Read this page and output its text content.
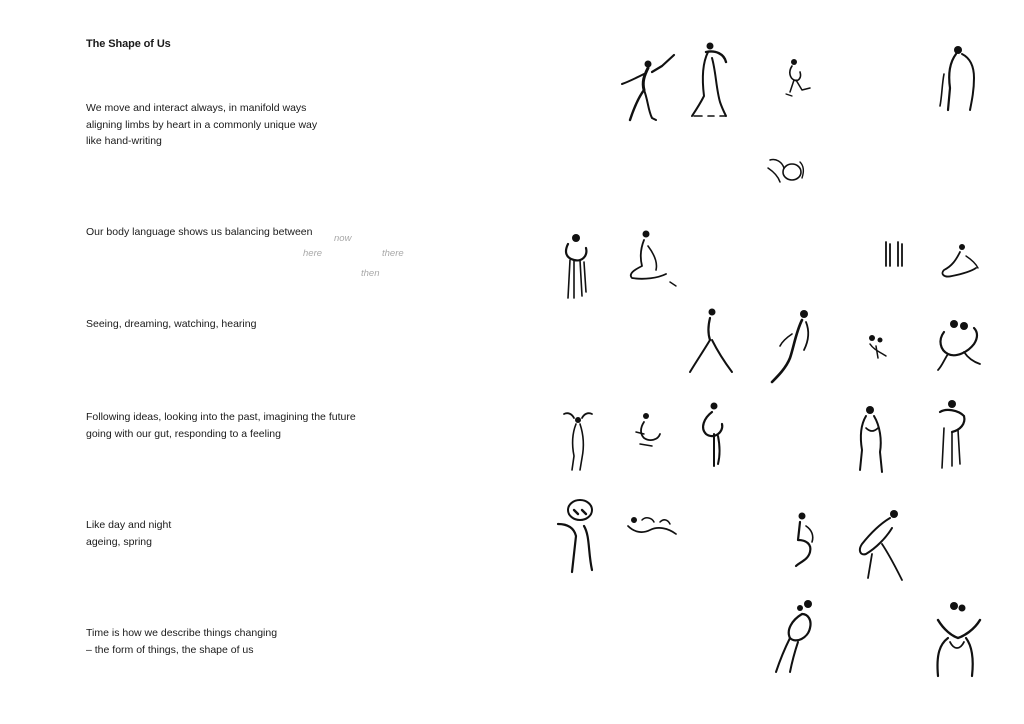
The Shape of Us
We move and interact always, in manifold ways
aligning limbs by heart in a commonly unique way
like hand-writing
Our body language shows us balancing between
now
here	there
then
Seeing, dreaming, watching, hearing
Following ideas, looking into the past, imagining the future
going with our gut, responding to a feeling
Like day and night
ageing, spring
Time is how we describe things changing
– the form of things, the shape of us
